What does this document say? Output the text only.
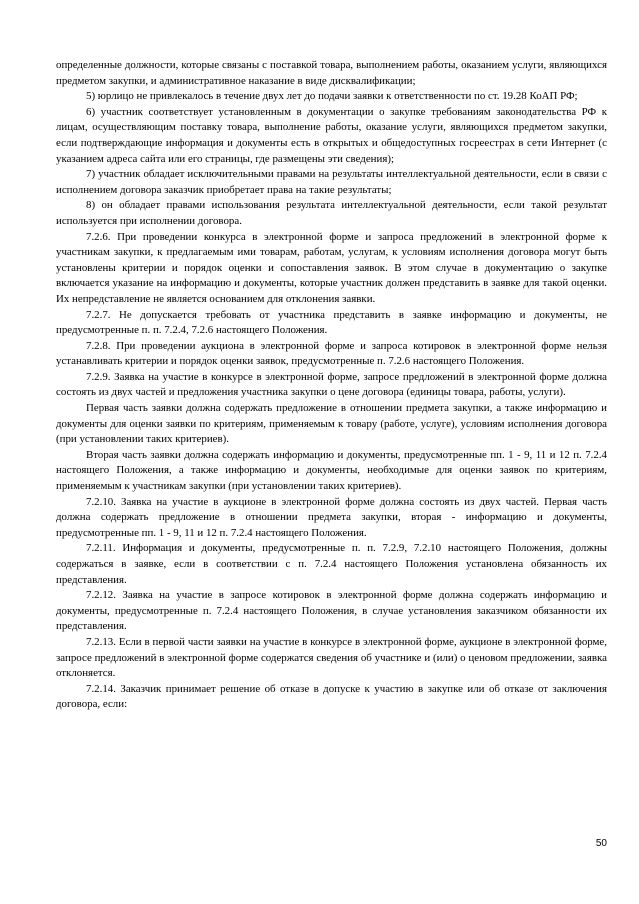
определенные должности, которые связаны с поставкой товара, выполнением работы, оказанием услуги, являющихся предметом закупки, и административное наказание в виде дисквалификации;

5) юрлицо не привлекалось в течение двух лет до подачи заявки к ответственности по ст. 19.28 КоАП РФ;

6) участник соответствует установленным в документации о закупке требованиям законодательства РФ к лицам, осуществляющим поставку товара, выполнение работы, оказание услуги, являющихся предметом закупки, если подтверждающие информация и документы есть в открытых и общедоступных госреестрах в сети Интернет (с указанием адреса сайта или его страницы, где размещены эти сведения);

7) участник обладает исключительными правами на результаты интеллектуальной деятельности, если в связи с исполнением договора заказчик приобретает права на такие результаты;

8) он обладает правами использования результата интеллектуальной деятельности, если такой результат используется при исполнении договора.

7.2.6. При проведении конкурса в электронной форме и запроса предложений в электронной форме к участникам закупки, к предлагаемым ими товарам, работам, услугам, к условиям исполнения договора могут быть установлены критерии и порядок оценки и сопоставления заявок. В этом случае в документацию о закупке включается указание на информацию и документы, которые участник должен представить в заявке для такой оценки. Их непредставление не является основанием для отклонения заявки.

7.2.7. Не допускается требовать от участника представить в заявке информацию и документы, не предусмотренные п. п. 7.2.4, 7.2.6 настоящего Положения.

7.2.8. При проведении аукциона в электронной форме и запроса котировок в электронной форме нельзя устанавливать критерии и порядок оценки заявок, предусмотренные п. 7.2.6 настоящего Положения.

7.2.9. Заявка на участие в конкурсе в электронной форме, запросе предложений в электронной форме должна состоять из двух частей и предложения участника закупки о цене договора (единицы товара, работы, услуги).

Первая часть заявки должна содержать предложение в отношении предмета закупки, а также информацию и документы для оценки заявки по критериям, применяемым к товару (работе, услуге), условиям исполнения договора (при установлении таких критериев).

Вторая часть заявки должна содержать информацию и документы, предусмотренные пп. 1 - 9, 11 и 12 п. 7.2.4 настоящего Положения, а также информацию и документы, необходимые для оценки заявок по критериям, применяемым к участникам закупки (при установлении таких критериев).

7.2.10. Заявка на участие в аукционе в электронной форме должна состоять из двух частей. Первая часть должна содержать предложение в отношении предмета закупки, вторая - информацию и документы, предусмотренные пп. 1 - 9, 11 и 12 п. 7.2.4 настоящего Положения.

7.2.11. Информация и документы, предусмотренные п. п. 7.2.9, 7.2.10 настоящего Положения, должны содержаться в заявке, если в соответствии с п. 7.2.4 настоящего Положения установлена обязанность их представления.

7.2.12. Заявка на участие в запросе котировок в электронной форме должна содержать информацию и документы, предусмотренные п. 7.2.4 настоящего Положения, в случае установления заказчиком обязанности их представления.

7.2.13. Если в первой части заявки на участие в конкурсе в электронной форме, аукционе в электронной форме, запросе предложений в электронной форме содержатся сведения об участнике и (или) о ценовом предложении, заявка отклоняется.

7.2.14. Заказчик принимает решение об отказе в допуске к участию в закупке или об отказе от заключения договора, если:

50
